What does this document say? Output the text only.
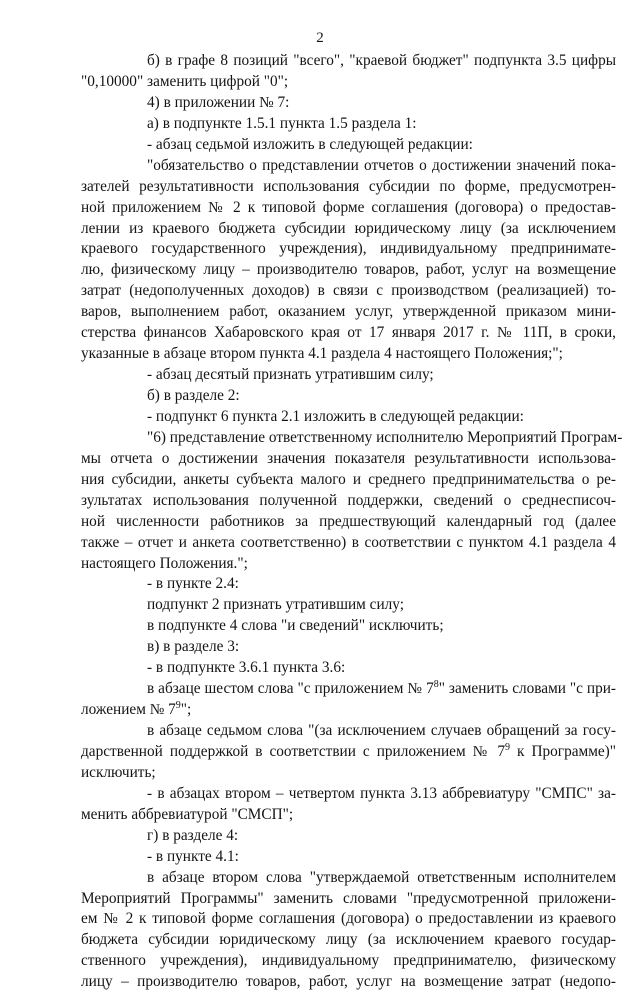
2
б) в графе 8 позиций "всего", "краевой бюджет" подпункта 3.5 цифры
"0,10000" заменить цифрой "0";
4) в приложении № 7:
а) в подпункте 1.5.1 пункта 1.5 раздела 1:
- абзац седьмой изложить в следующей редакции:
"обязательство о представлении отчетов о достижении значений пока-
зателей результативности использования субсидии по форме, предусмотрен-
ной приложением № 2 к типовой форме соглашения (договора) о предостав-
лении из краевого бюджета субсидии юридическому лицу (за исключением
краевого государственного учреждения), индивидуальному предпринимате-
лю, физическому лицу – производителю товаров, работ, услуг на возмещение
затрат (недополученных доходов) в связи с производством (реализацией) то-
варов, выполнением работ, оказанием услуг, утвержденной приказом мини-
стерства финансов Хабаровского края от 17 января 2017 г. № 11П, в сроки,
указанные в абзаце втором пункта 4.1 раздела 4 настоящего Положения;";
- абзац десятый признать утратившим силу;
б) в разделе 2:
- подпункт 6 пункта 2.1 изложить в следующей редакции:
"6) представление ответственному исполнителю Мероприятий Програм-
мы отчета о достижении значения показателя результативности использова-
ния субсидии, анкеты субъекта малого и среднего предпринимательства о ре-
зультатах использования полученной поддержки, сведений о среднесписоч-
ной численности работников за предшествующий календарный год (далее
также – отчет и анкета соответственно) в соответствии с пунктом 4.1 раздела 4
настоящего Положения.";
- в пункте 2.4:
подпункт 2 признать утратившим силу;
в подпункте 4 слова "и сведений" исключить;
в) в разделе 3:
- в подпункте 3.6.1 пункта 3.6:
в абзаце шестом слова "с приложением № $7^8$" заменить словами "с при-
ложением № $7^9$";
в абзаце седьмом слова "(за исключением случаев обращений за госу-
дарственной поддержкой в соответствии с приложением № $7^9$ к Программе)"
исключить;
- в абзацах втором – четвертом пункта 3.13 аббревиатуру "СМПС" за-
менить аббревиатурой "СМСП";
г) в разделе 4:
- в пункте 4.1:
в абзаце втором слова "утверждаемой ответственным исполнителем
Мероприятий Программы" заменить словами "предусмотренной приложени-
ем № 2 к типовой форме соглашения (договора) о предоставлении из краевого
бюджета субсидии юридическому лицу (за исключением краевого государ-
ственного учреждения), индивидуальному предпринимателю, физическому
лицу – производителю товаров, работ, услуг на возмещение затрат (недопо-
